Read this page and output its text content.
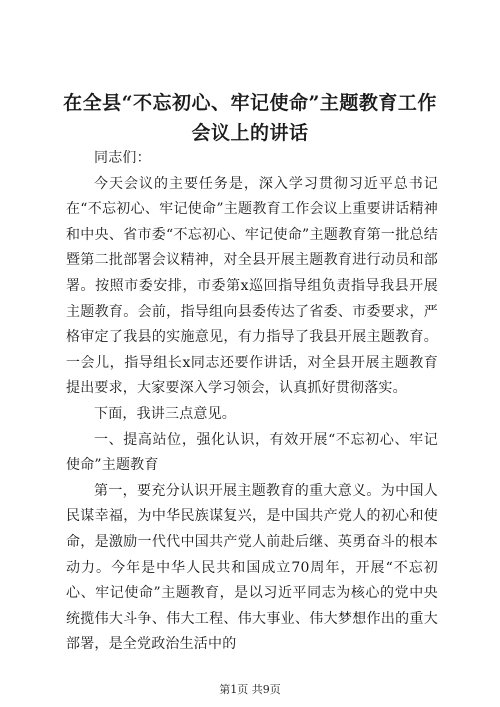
在全县“不忘初心、牢记使命”主题教育工作
会议上的讲话

同志们：

今天会议的主要任务是，深入学习贯彻习近平总书记在“不忘初心、牢记使命”主题教育工作会议上重要讲话精神和中央、省市委“不忘初心、牢记使命”主题教育第一批总结暨第二批部署会议精神，对全县开展主题教育进行动员和部署。按照市委安排，市委第x巡回指导组负责指导我县开展主题教育。会前，指导组向县委传达了省委、市委要求，严格审定了我县的实施意见，有力指导了我县开展主题教育。一会儿，指导组长x同志还要作讲话，对全县开展主题教育提出要求，大家要深入学习领会，认真抓好贯彻落实。

下面，我讲三点意见。

一、提高站位，强化认识，有效开展“不忘初心、牢记使命”主题教育

第一，要充分认识开展主题教育的重大意义。为中国人民谋幸福，为中华民族谋复兴，是中国共产党人的初心和使命，是激励一代代中国共产党人前赴后继、英勇奋斗的根本动力。今年是中华人民共和国成立70周年，开展“不忘初心、牢记使命”主题教育，是以习近平同志为核心的党中央统揽伟大斗争、伟大工程、伟大事业、伟大梦想作出的重大部署，是全党政治生活中的

第1页 共9页
